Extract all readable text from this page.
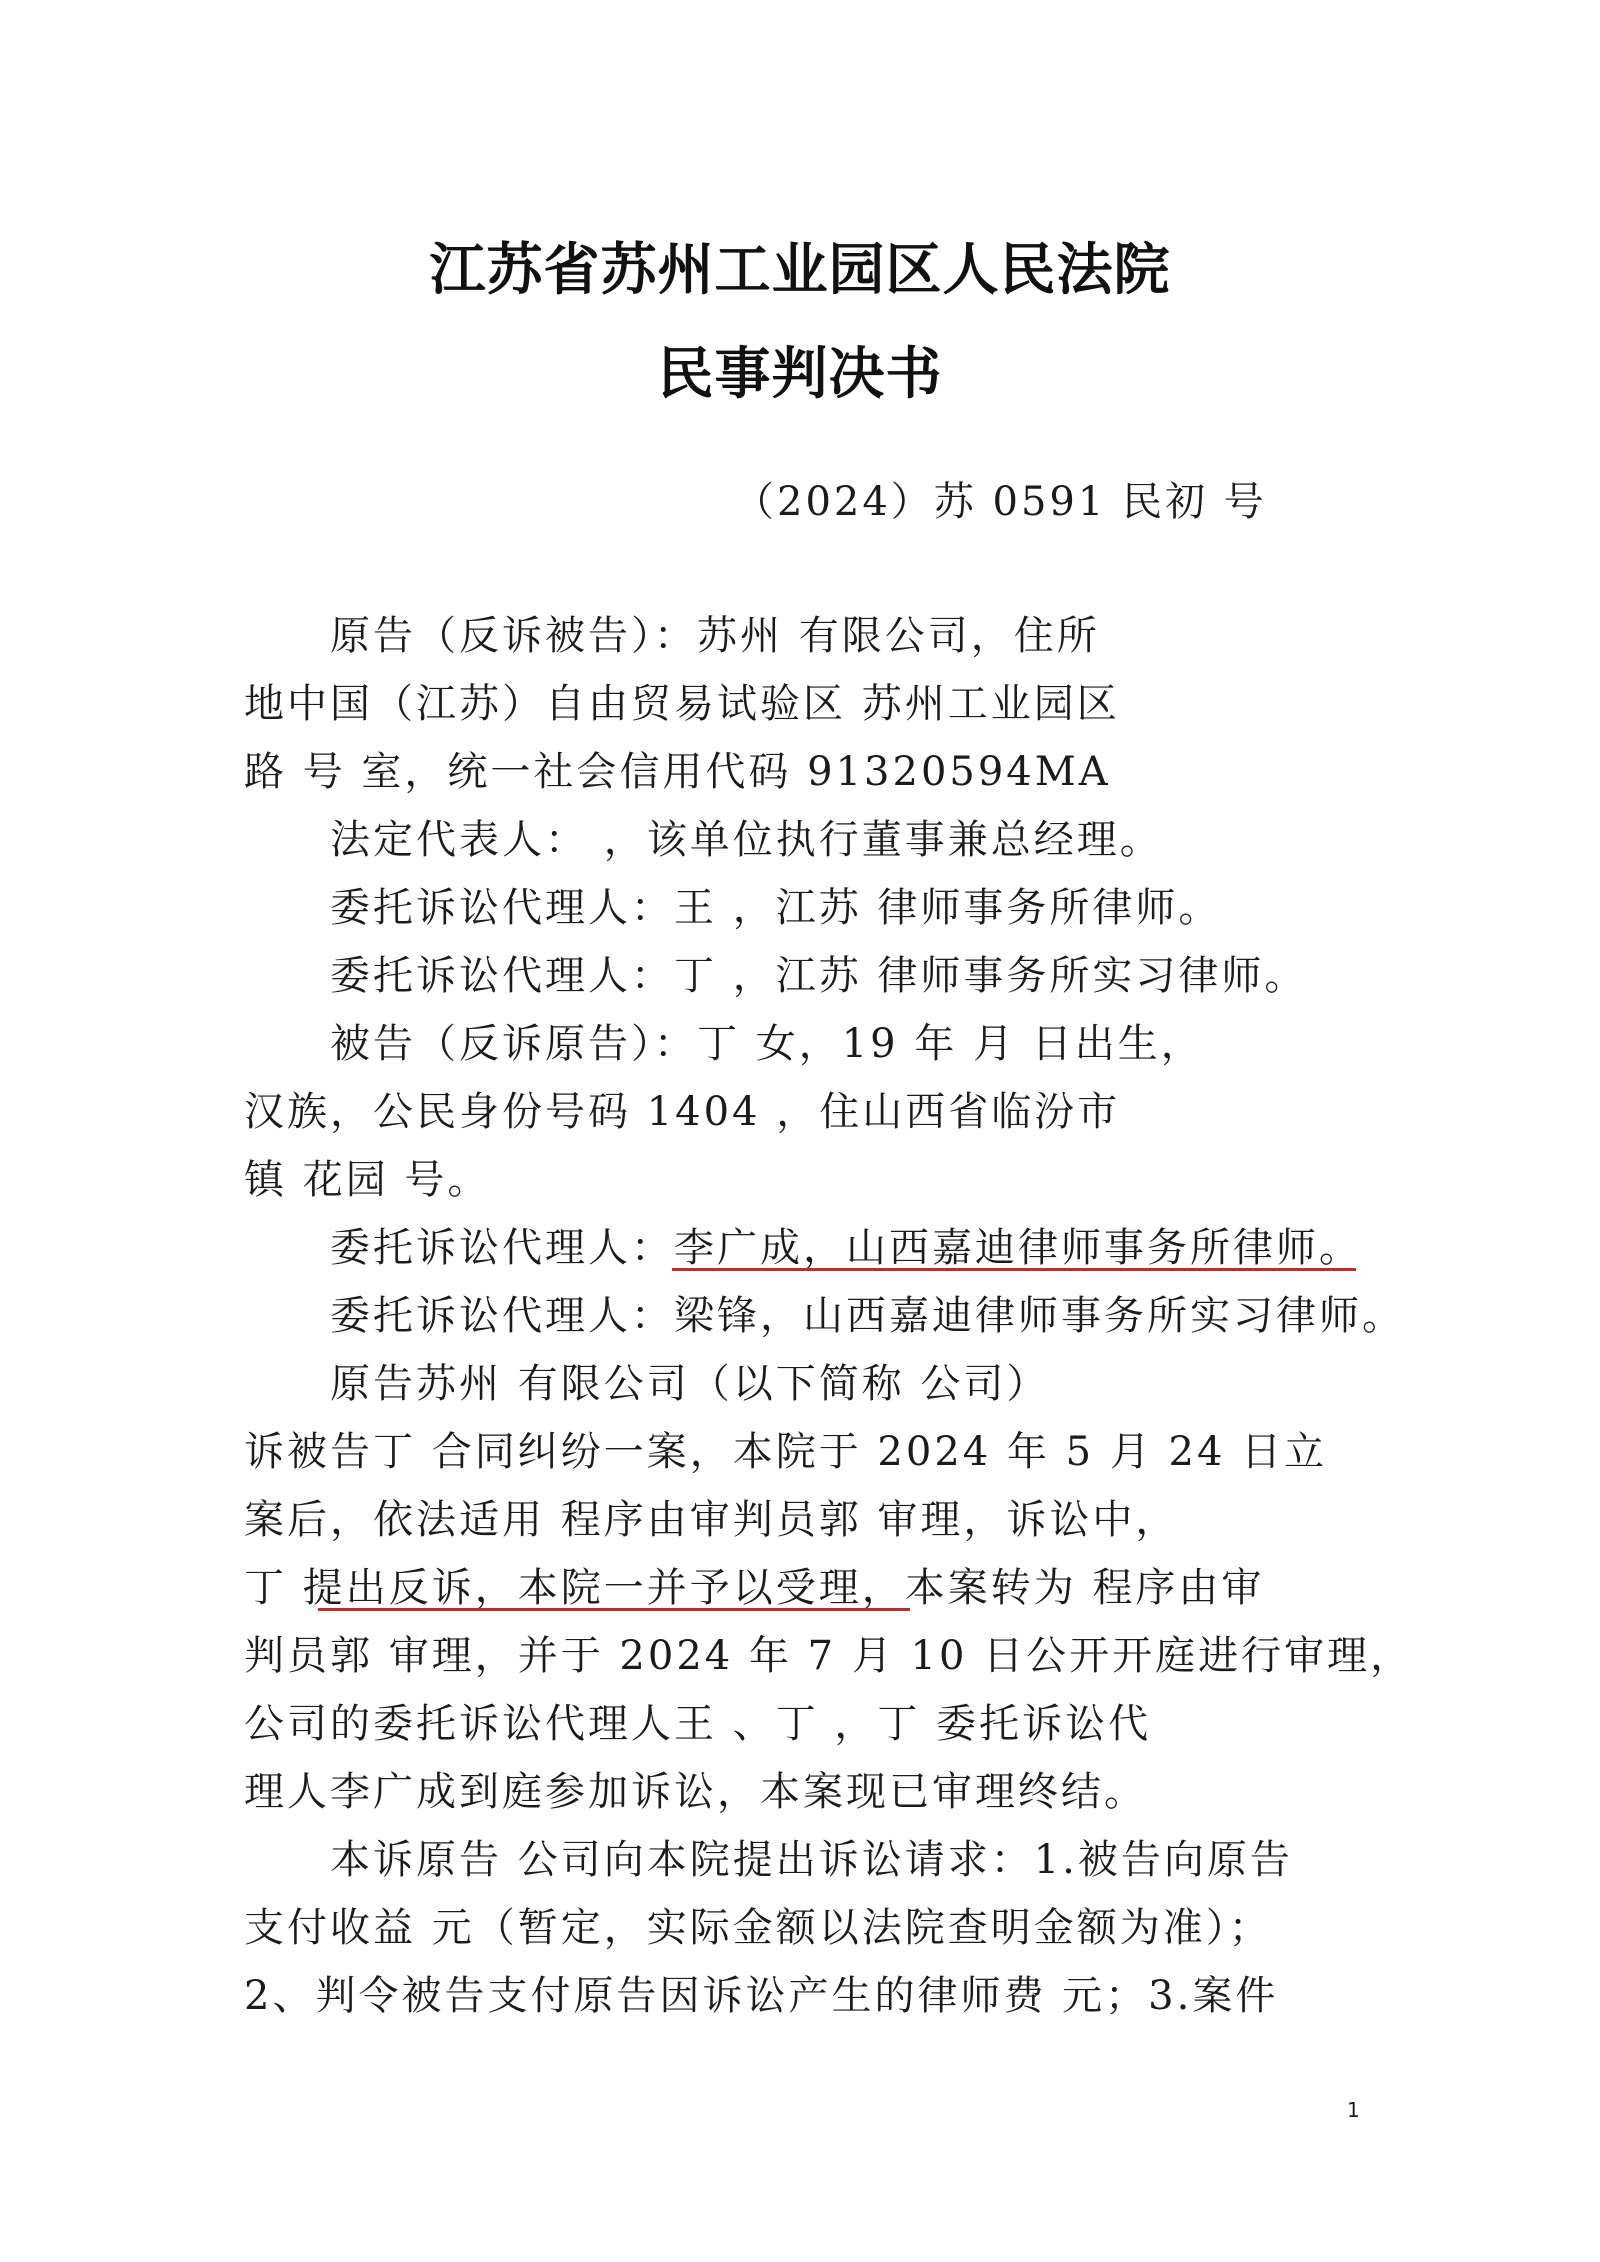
江苏省苏州工业园区人民法院
民事判决书
（2024）苏 0591 民初 号
原告（反诉被告）：苏州 有限公司，住所
地中国（江苏）自由贸易试验区 苏州工业园区
路 号 室，统一社会信用代码 91320594MA
法定代表人： ，该单位执行董事兼总经理。
委托诉讼代理人：王 ，江苏 律师事务所律师。
委托诉讼代理人：丁 ，江苏 律师事务所实习律师。
被告（反诉原告）：丁 女，19 年 月 日出生，
汉族，公民身份号码 1404 ，住山西省临汾市
镇 花园 号。
委托诉讼代理人：李广成，山西嘉迪律师事务所律师。
委托诉讼代理人：梁锋，山西嘉迪律师事务所实习律师。
原告苏州 有限公司（以下简称 公司）
诉被告丁 合同纠纷一案，本院于 2024 年 5 月 24 日立
案后，依法适用 程序由审判员郭 审理，诉讼中，
丁 提出反诉，本院一并予以受理，本案转为 程序由审
判员郭 审理，并于 2024 年 7 月 10 日公开开庭进行审理，
公司的委托诉讼代理人王 、丁 ，丁 委托诉讼代
理人李广成到庭参加诉讼，本案现已审理终结。
本诉原告 公司向本院提出诉讼请求：1.被告向原告
支付收益 元（暂定，实际金额以法院查明金额为准）；
2、判令被告支付原告因诉讼产生的律师费 元；3.案件
1
